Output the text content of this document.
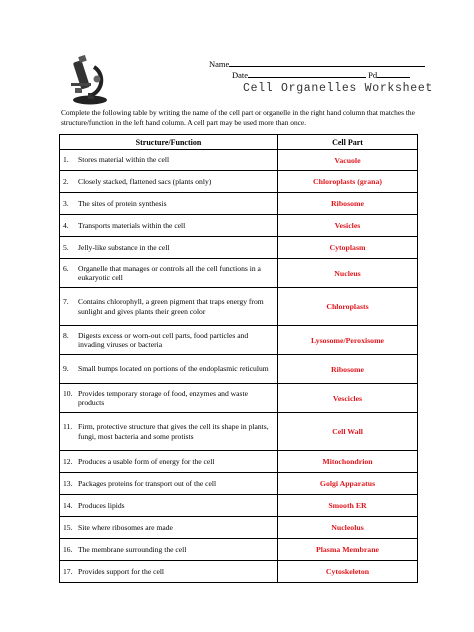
Name
Date	Pd
Cell Organelles Worksheet
Complete the following table by writing the name of the cell part or organelle in the right hand column that matches the structure/function in the left hand column. A cell part may be used more than once.
Structure/Function	Cell Part

1. Stores material within the cell	Vacuole

2. Closely stacked, flattened sacs (plants only)	Chloroplasts (grana)

3. The sites of protein synthesis	Ribosome

4. Transports materials within the cell	Vesicles

5. Jelly-like substance in the cell	Cytoplasm

6. Organelle that manages or controls all the cell functions in a eukaryotic cell	Nucleus

7. Contains chlorophyll, a green pigment that traps energy from sunlight and gives plants their green color	Chloroplasts

8. Digests excess or worn-out cell parts, food particles and invading viruses or bacteria	Lysosome/Peroxisome

9. Small bumps located on portions of the endoplasmic reticulum	Ribosome

10. Provides temporary storage of food, enzymes and waste products	Vescicles

11. Firm, protective structure that gives the cell its shape in plants, fungi, most bacteria and some protists	Cell Wall

12. Produces a usable form of energy for the cell	Mitochondrion

13. Packages proteins for transport out of the cell	Golgi Apparatus

14. Produces lipids	Smooth ER

15. Site where ribosomes are made	Nucleolus

16. The membrane surrounding the cell	Plasma Membrane

17. Provides support for the cell	Cytoskeleton
